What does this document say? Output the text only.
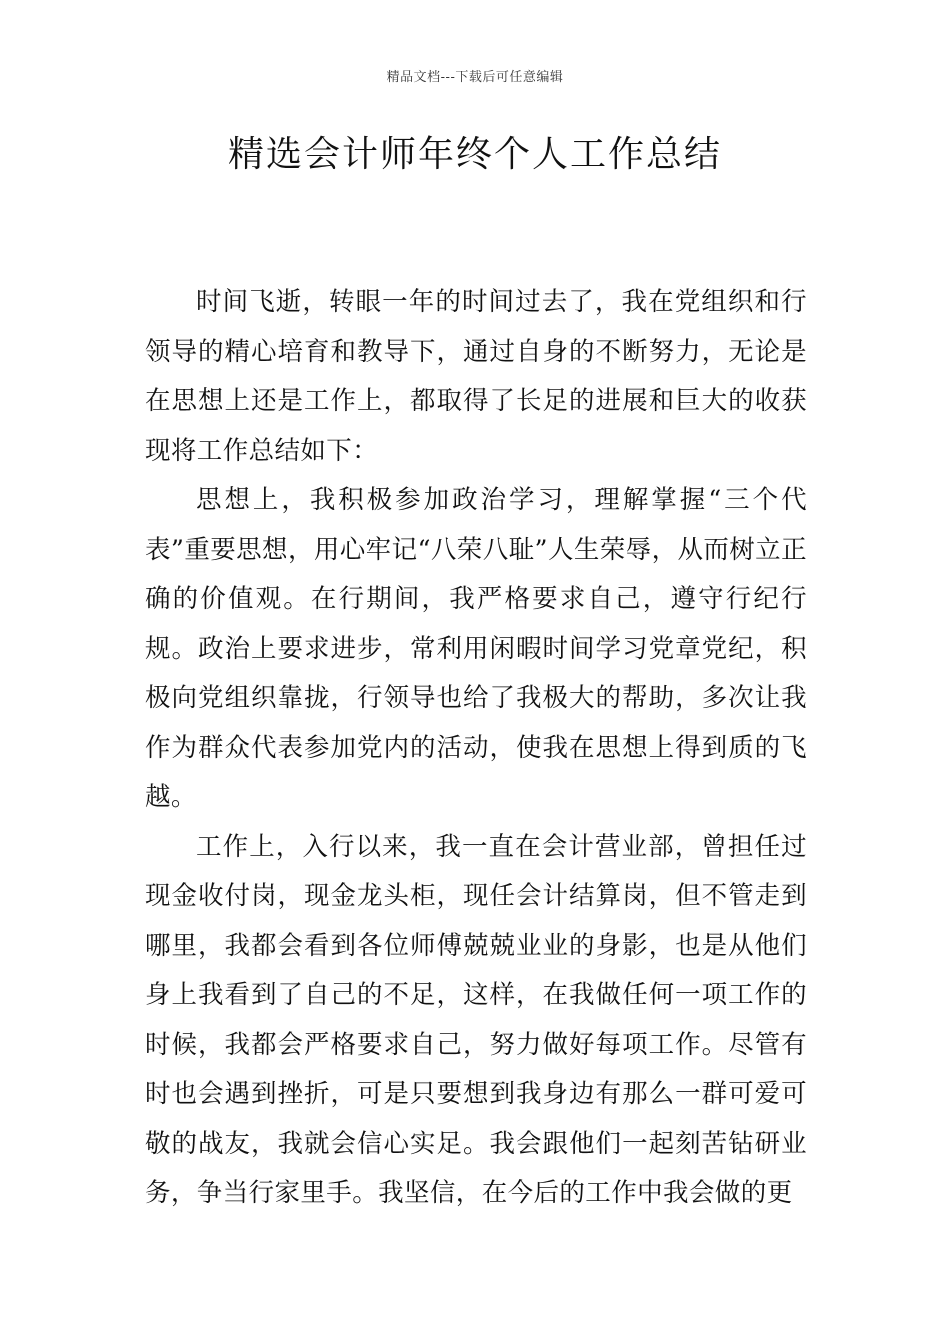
精品文档---下载后可任意编辑
精选会计师年终个人工作总结

时间飞逝，转眼一年的时间过去了，我在党组织和行领导的精心培育和教导下，通过自身的不断努力，无论是在思想上还是工作上，都取得了长足的进展和巨大的收获现将工作总结如下：

思想上，我积极参加政治学习，理解掌握“三个代表”重要思想，用心牢记“八荣八耻”人生荣辱，从而树立正确的价值观。在行期间，我严格要求自己，遵守行纪行规。政治上要求进步，常利用闲暇时间学习党章党纪，积极向党组织靠拢，行领导也给了我极大的帮助，多次让我作为群众代表参加党内的活动，使我在思想上得到质的飞越。

工作上，入行以来，我一直在会计营业部，曾担任过现金收付岗，现金龙头柜，现任会计结算岗，但不管走到哪里，我都会看到各位师傅兢兢业业的身影，也是从他们身上我看到了自己的不足，这样，在我做任何一项工作的时候，我都会严格要求自己，努力做好每项工作。尽管有时也会遇到挫折，可是只要想到我身边有那么一群可爱可敬的战友，我就会信心实足。我会跟他们一起刻苦钻研业务，争当行家里手。我坚信，在今后的工作中我会做的更
